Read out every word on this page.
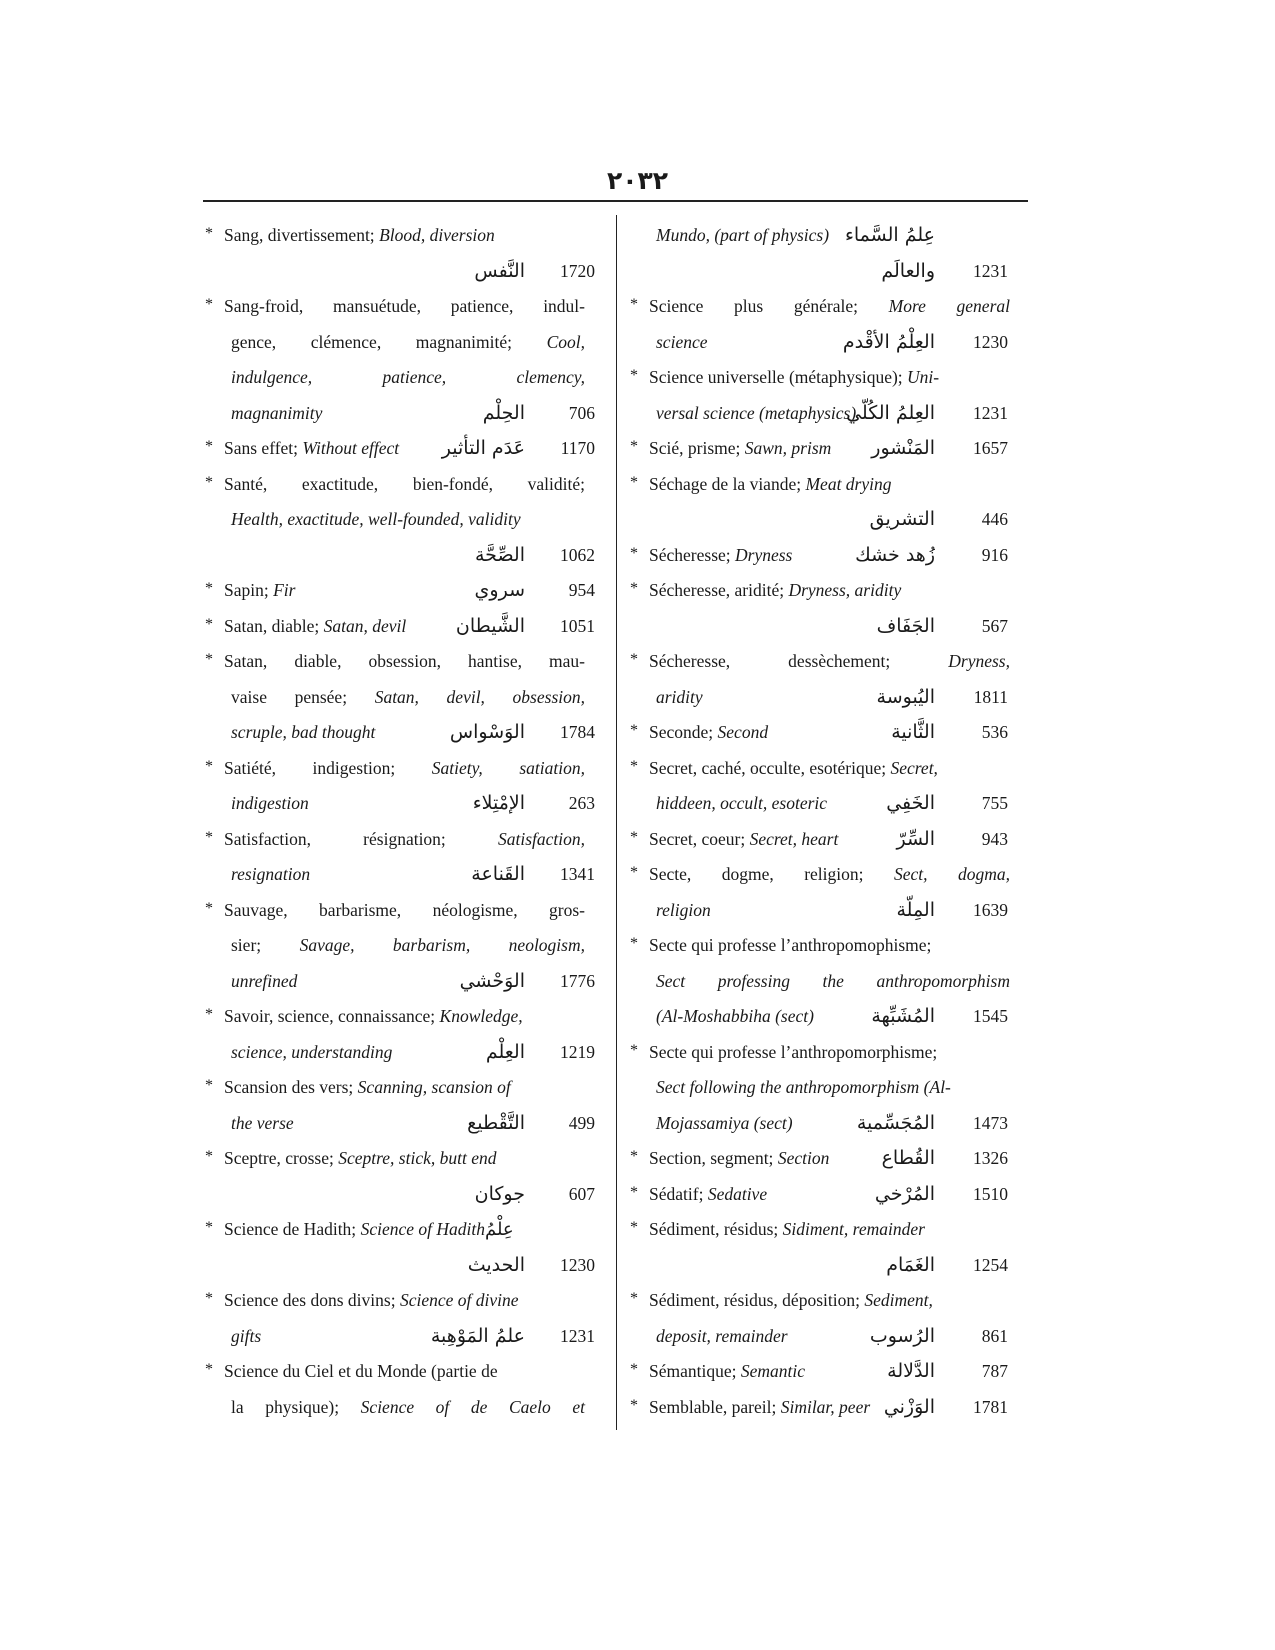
٢٠٣٢
* Sang, divertissement; Blood, diversion
النَّفس	1720
* Sang-froid, mansuétude, patience, indul-
gence, clémence, magnanimité; Cool,
indulgence, patience, clemency,
magnanimity	الحِلْم	706
* Sans effet; Without effect عَدَم التأثير	1170
* Santé, exactitude, bien-fondé, validité;
Health, exactitude, well-founded, validity
الصِّحَّة	1062
* Sapin; Fir	سروي	954
* Satan, diable; Satan, devil	الشَّيطان	1051
* Satan, diable, obsession, hantise, mau-
vaise pensée; Satan, devil, obsession,
scruple, bad thought	الوَسْواس	1784
* Satiété, indigestion; Satiety, satiation,
indigestion	الإمْتِلاء	263
* Satisfaction, résignation; Satisfaction,
resignation	القَناعة	1341
* Sauvage, barbarisme, néologisme, gros-
sier; Savage, barbarism, neologism,
unrefined	الوَحْشي	1776
* Savoir, science, connaissance; Knowledge,
science, understanding	العِلْم	1219
* Scansion des vers; Scanning, scansion of
the verse	التَّقْطيع	499
* Sceptre, crosse; Sceptre, stick, butt end
جوكان	607
* Science de Hadith; Science of Hadithعِلْمُ
الحديث	1230
* Science des dons divins; Science of divine
gifts	علمُ المَوْهِبة	1231
* Science du Ciel et du Monde (partie de
la physique); Science of de Caelo et
Mundo, (part of physics) عِلمُ السَّماء
والعالَم	1231
* Science plus générale; More general
science	العِلْمُ الأقْدم	1230
* Science universelle (métaphysique); Uni-
versal science (metaphysics)
العِلمُ الكُلّي	1231
* Scié, prisme; Sawn, prism المَنْشور	1657
* Séchage de la viande; Meat drying
التشريق	446
* Sécheresse; Dryness	زُهد خشك	916
* Sécheresse, aridité; Dryness, aridity
الجَفَاف	567
* Sécheresse, dessèchement; Dryness,
aridity	اليُبوسة	1811
* Seconde; Second	الثَّانية	536
* Secret, caché, occulte, esotérique; Secret,
hiddeen, occult, esoteric	الخَفِي	755
* Secret, coeur; Secret, heart	السِّرّ	943
* Secte, dogme, religion; Sect, dogma,
religion	المِلّة	1639
* Secte qui professe l’anthropomophisme;
Sect professing the anthropomorphism
(Al-Moshabbiha (sect)	المُشَبِّهة	1545
* Secte qui professe l’anthropomorphisme;
Sect following the anthropomorphism (Al-
Mojassamiya (sect)	المُجَسِّمية	1473
* Section, segment; Section	القُطاع	1326
* Sédatif; Sedative	المُرْخي	1510
* Sédiment, résidus; Sidiment, remainder
الغَمَام	1254
* Sédiment, résidus, déposition; Sediment,
deposit, remainder	الرُسوب	861
* Sémantique; Semantic	الدَّلالة	787
* Semblable, pareil; Similar, peer الوَزْني	1781
